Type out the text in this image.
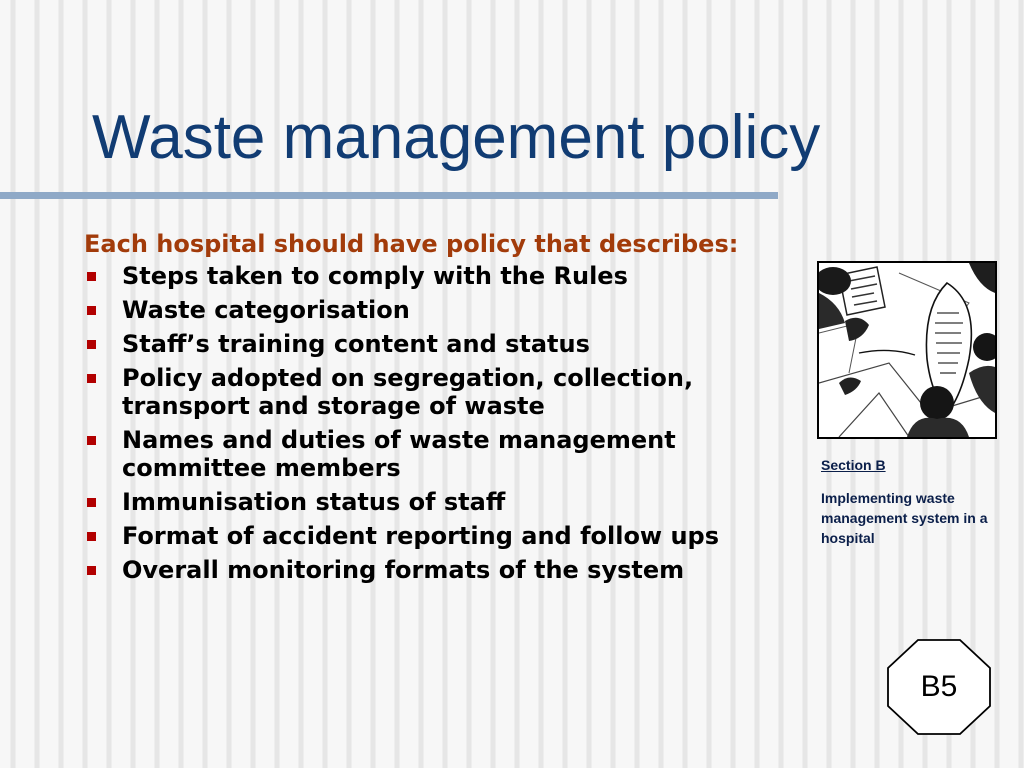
Waste management policy

Each hospital should have policy that describes:

Steps taken to comply with the Rules
Waste categorisation
Staff’s training content and status
Policy adopted on segregation, collection, transport and storage of waste
Names and duties of waste management committee members
Immunisation status of staff
Format of accident reporting and follow ups
Overall monitoring formats of the system

Section B

Implementing waste management system in a hospital

B5
